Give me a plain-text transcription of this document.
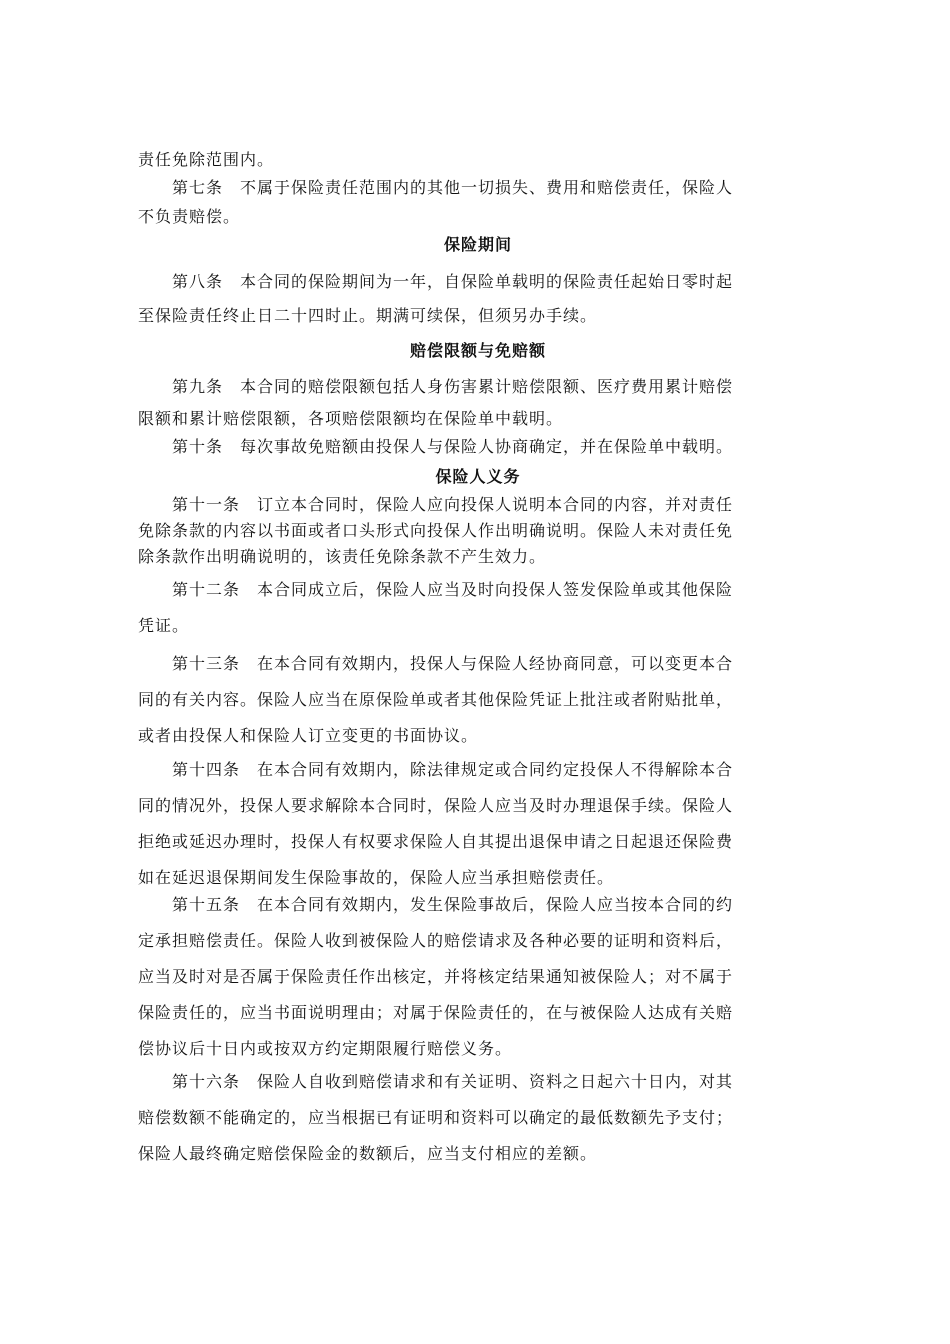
责任免除范围内。
　　第七条　不属于保险责任范围内的其他一切损失、费用和赔偿责任，保险人
不负责赔偿。
保险期间
　　第八条　本合同的保险期间为一年，自保险单载明的保险责任起始日零时起
至保险责任终止日二十四时止。期满可续保，但须另办手续。
赔偿限额与免赔额
　　第九条　本合同的赔偿限额包括人身伤害累计赔偿限额、医疗费用累计赔偿
限额和累计赔偿限额，各项赔偿限额均在保险单中载明。
　　第十条　每次事故免赔额由投保人与保险人协商确定，并在保险单中载明。
保险人义务
　　第十一条　订立本合同时，保险人应向投保人说明本合同的内容，并对责任
免除条款的内容以书面或者口头形式向投保人作出明确说明。保险人未对责任免
除条款作出明确说明的，该责任免除条款不产生效力。
　　第十二条　本合同成立后，保险人应当及时向投保人签发保险单或其他保险
凭证。
　　第十三条　在本合同有效期内，投保人与保险人经协商同意，可以变更本合
同的有关内容。保险人应当在原保险单或者其他保险凭证上批注或者附贴批单，
或者由投保人和保险人订立变更的书面协议。
　　第十四条　在本合同有效期内，除法律规定或合同约定投保人不得解除本合
同的情况外，投保人要求解除本合同时，保险人应当及时办理退保手续。保险人
拒绝或延迟办理时，投保人有权要求保险人自其提出退保申请之日起退还保险费
如在延迟退保期间发生保险事故的，保险人应当承担赔偿责任。
　　第十五条　在本合同有效期内，发生保险事故后，保险人应当按本合同的约
定承担赔偿责任。保险人收到被保险人的赔偿请求及各种必要的证明和资料后，
应当及时对是否属于保险责任作出核定，并将核定结果通知被保险人；对不属于
保险责任的，应当书面说明理由；对属于保险责任的，在与被保险人达成有关赔
偿协议后十日内或按双方约定期限履行赔偿义务。
　　第十六条　保险人自收到赔偿请求和有关证明、资料之日起六十日内，对其
赔偿数额不能确定的，应当根据已有证明和资料可以确定的最低数额先予支付；
保险人最终确定赔偿保险金的数额后，应当支付相应的差额。
